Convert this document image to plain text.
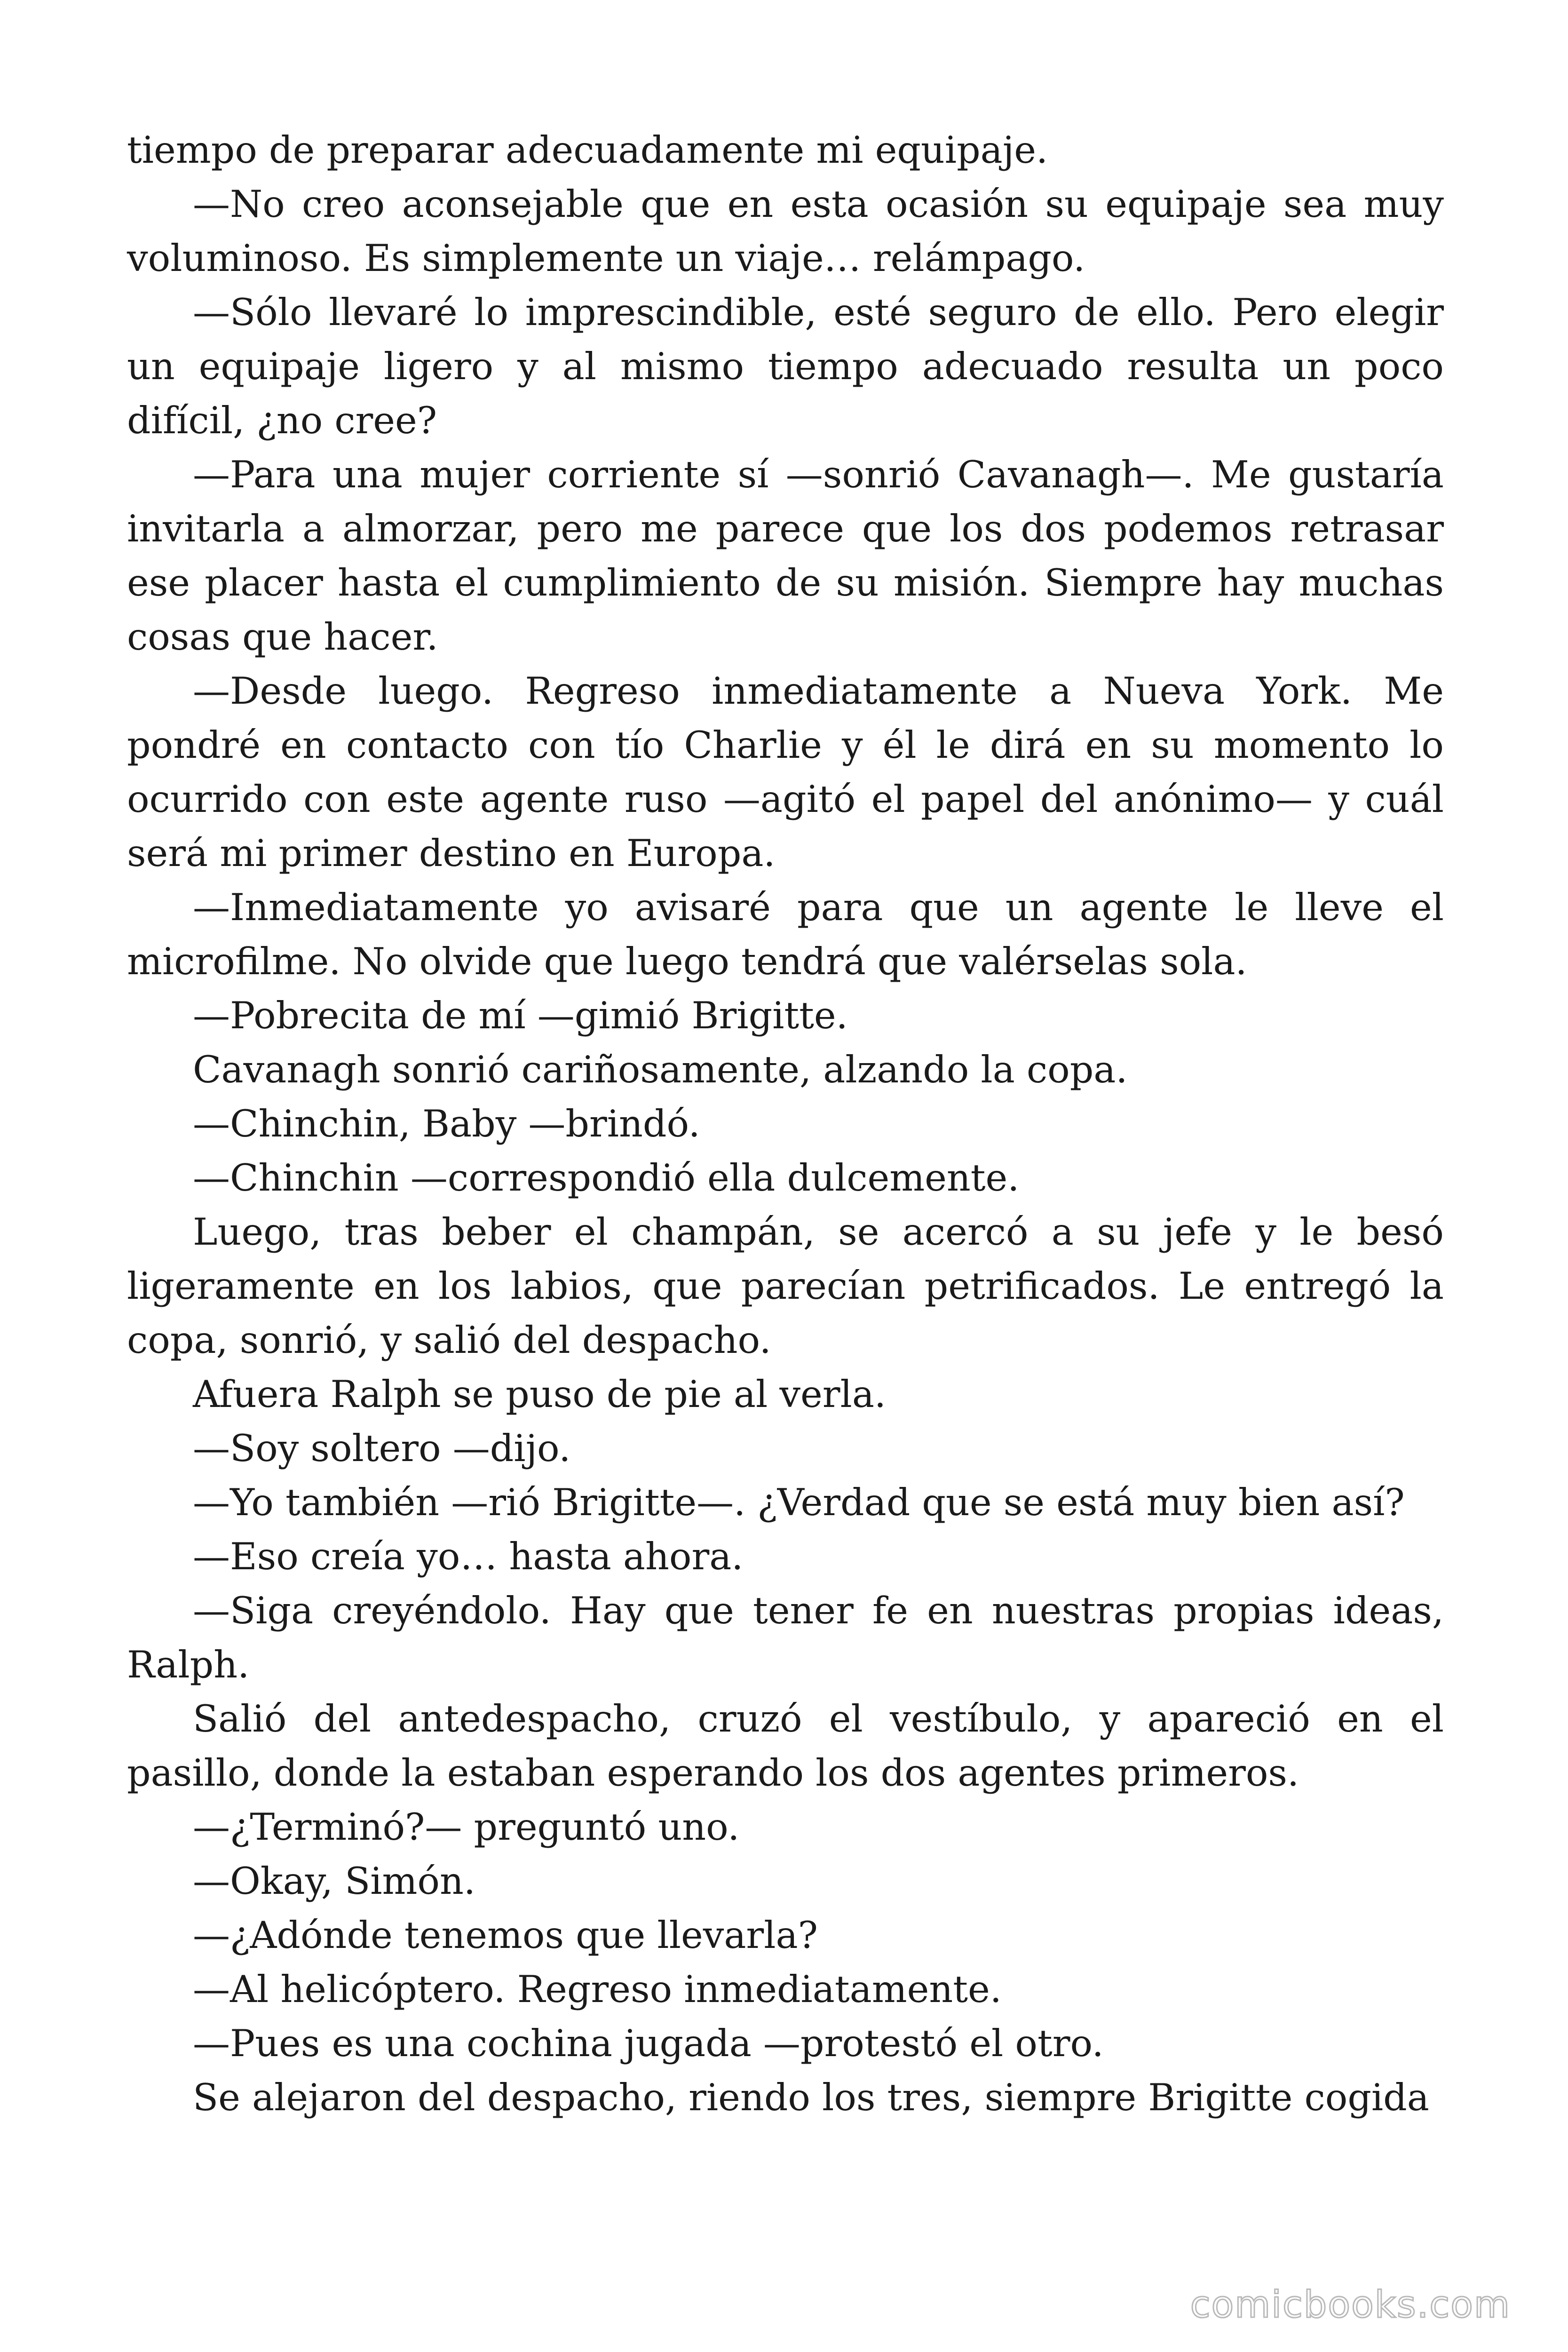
tiempo de preparar adecuadamente mi equipaje.

—No creo aconsejable que en esta ocasión su equipaje sea muy voluminoso. Es simplemente un viaje… relámpago.

—Sólo llevaré lo imprescindible, esté seguro de ello. Pero elegir un equipaje ligero y al mismo tiempo adecuado resulta un poco difícil, ¿no cree?

—Para una mujer corriente sí —sonrió Cavanagh—. Me gustaría invitarla a almorzar, pero me parece que los dos podemos retrasar ese placer hasta el cumplimiento de su misión. Siempre hay muchas cosas que hacer.

—Desde luego. Regreso inmediatamente a Nueva York. Me pondré en contacto con tío Charlie y él le dirá en su momento lo ocurrido con este agente ruso —agitó el papel del anónimo— y cuál será mi primer destino en Europa.

—Inmediatamente yo avisaré para que un agente le lleve el microfilme. No olvide que luego tendrá que valérselas sola.

—Pobrecita de mí —gimió Brigitte.

Cavanagh sonrió cariñosamente, alzando la copa.

—Chinchin, Baby —brindó.

—Chinchin —correspondió ella dulcemente.

Luego, tras beber el champán, se acercó a su jefe y le besó ligeramente en los labios, que parecían petrificados. Le entregó la copa, sonrió, y salió del despacho.

Afuera Ralph se puso de pie al verla.

—Soy soltero —dijo.

—Yo también —rió Brigitte—. ¿Verdad que se está muy bien así?

—Eso creía yo… hasta ahora.

—Siga creyéndolo. Hay que tener fe en nuestras propias ideas, Ralph.

Salió del antedespacho, cruzó el vestíbulo, y apareció en el pasillo, donde la estaban esperando los dos agentes primeros.

—¿Terminó?— preguntó uno.

—Okay, Simón.

—¿Adónde tenemos que llevarla?

—Al helicóptero. Regreso inmediatamente.

—Pues es una cochina jugada —protestó el otro.

Se alejaron del despacho, riendo los tres, siempre Brigitte cogida

comicbooks.com
